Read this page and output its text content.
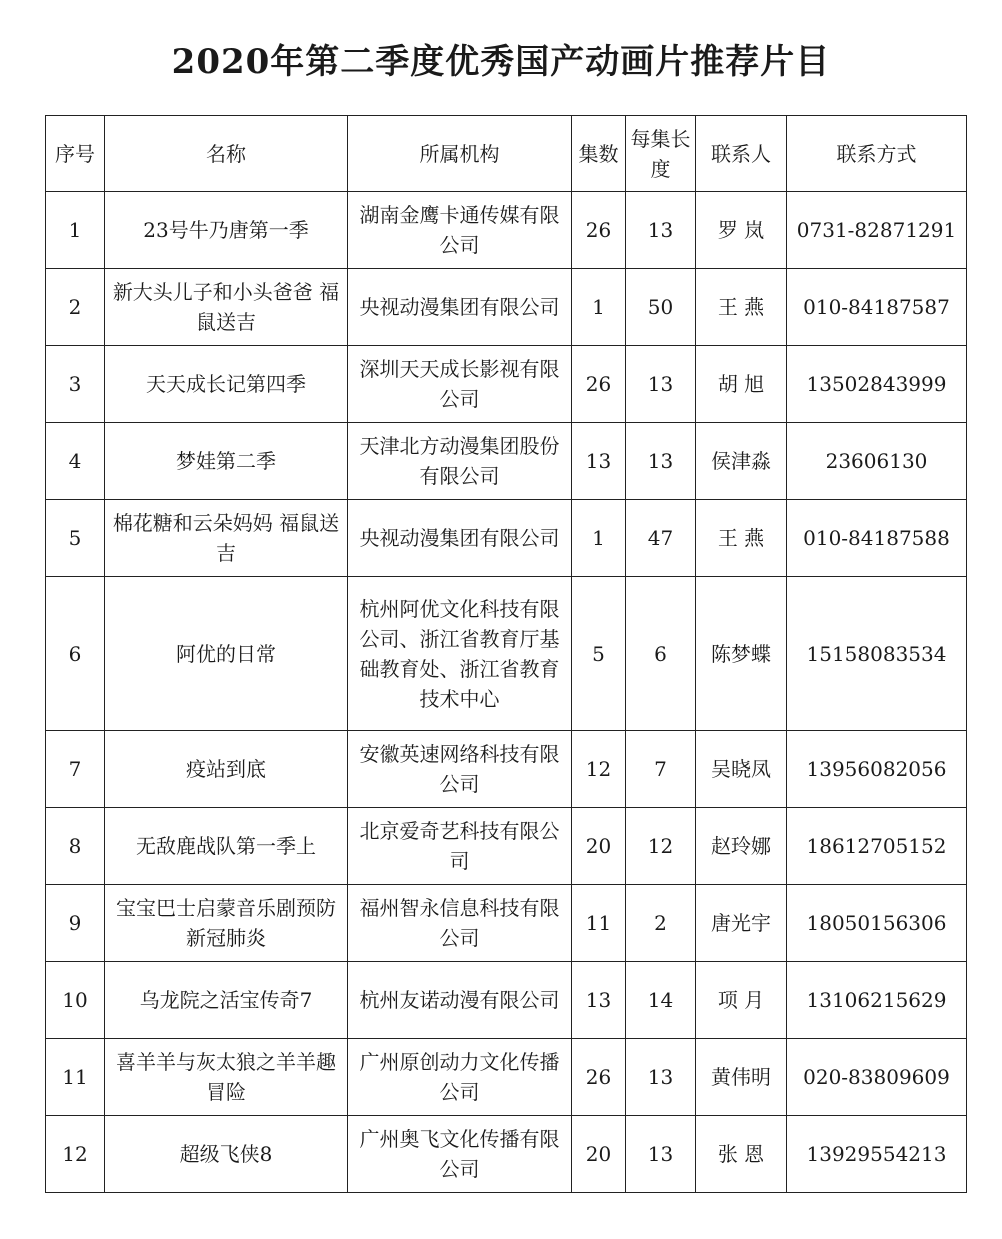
2020年第二季度优秀国产动画片推荐片目
序号	名称	所属机构	集数	每集长度	联系人	联系方式
1	23号牛乃唐第一季	湖南金鹰卡通传媒有限公司	26	13	罗 岚	0731-82871291
2	新大头儿子和小头爸爸 福鼠送吉	央视动漫集团有限公司	1	50	王 燕	010-84187587
3	天天成长记第四季	深圳天天成长影视有限公司	26	13	胡 旭	13502843999
4	梦娃第二季	天津北方动漫集团股份有限公司	13	13	侯津淼	23606130
5	棉花糖和云朵妈妈 福鼠送吉	央视动漫集团有限公司	1	47	王 燕	010-84187588
6	阿优的日常	杭州阿优文化科技有限公司、浙江省教育厅基础教育处、浙江省教育技术中心	5	6	陈梦蝶	15158083534
7	疫站到底	安徽英速网络科技有限公司	12	7	吴晓凤	13956082056
8	无敌鹿战队第一季上	北京爱奇艺科技有限公司	20	12	赵玲娜	18612705152
9	宝宝巴士启蒙音乐剧预防新冠肺炎	福州智永信息科技有限公司	11	2	唐光宇	18050156306
10	乌龙院之活宝传奇7	杭州友诺动漫有限公司	13	14	项 月	13106215629
11	喜羊羊与灰太狼之羊羊趣冒险	广州原创动力文化传播公司	26	13	黄伟明	020-83809609
12	超级飞侠8	广州奥飞文化传播有限公司	20	13	张 恩	13929554213
